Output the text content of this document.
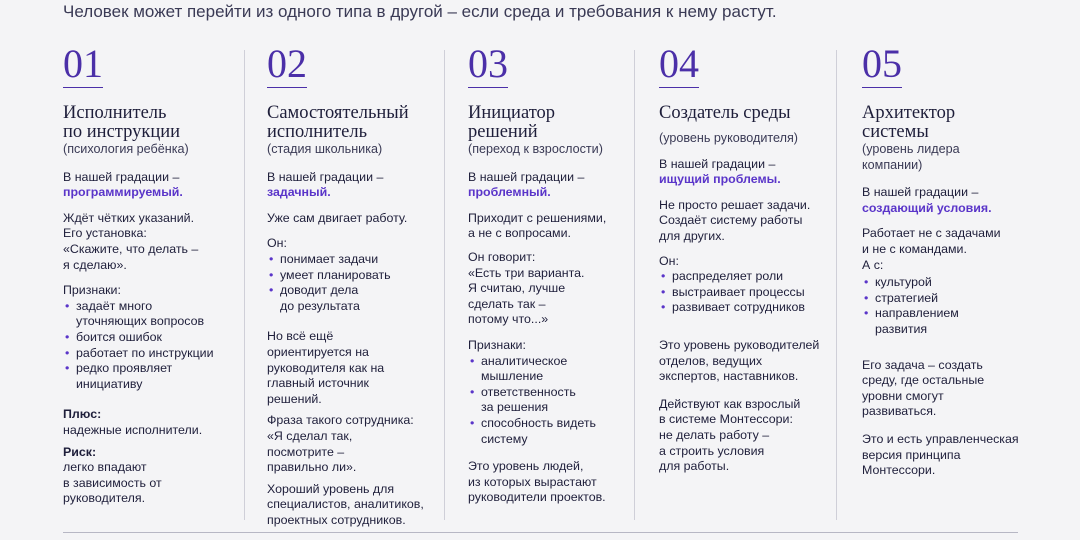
Человек может перейти из одного типа в другой – если среда и требования к нему растут.
01

Исполнитель
по инструкции

(психология ребёнка)

В нашей градации –
программируемый.

Ждёт чётких указаний.
Его установка:
«Скажите, что делать –
я сделаю».

Признаки:

• задаёт много
уточняющих вопросов
• боится ошибок
• работает по инструкции
• редко проявляет
инициативу

Плюс:

надежные исполнители.

Риск:

легко впадают
в зависимость от
руководителя.

02

Самостоятельный
исполнитель

(стадия школьника)

В нашей градации –
задачный.

Уже сам двигает работу.

Он:

• понимает задачи
• умеет планировать
• доводит дела
до результата

Но всё ещё
ориентируется на
руководителя как на
главный источник
решений.

Фраза такого сотрудника:
«Я сделал так,
посмотрите –
правильно ли».

Хороший уровень для
специалистов, аналитиков,
проектных сотрудников.

03

Инициатор
решений

(переход к взрослости)

В нашей градации –
проблемный.

Приходит с решениями,
а не с вопросами.

Он говорит:
«Есть три варианта.
Я считаю, лучше
сделать так –
потому что...»

Признаки:

• аналитическое
мышление
• ответственность
за решения
• способность видеть
систему

Это уровень людей,
из которых вырастают
руководители проектов.

04

Создатель среды

(уровень руководителя)

В нашей градации –
ищущий проблемы.

Не просто решает задачи.
Создаёт систему работы
для других.

Он:

• распределяет роли
• выстраивает процессы
• развивает сотрудников

Это уровень руководителей
отделов, ведущих
экспертов, наставников.

Действуют как взрослый
в системе Монтессори:
не делать работу –
а строить условия
для работы.

05

Архитектор
системы

(уровень лидера
компании)

В нашей градации –
создающий условия.

Работает не с задачами
и не с командами.
А с:

• культурой
• стратегией
• направлением
развития

Его задача – создать
среду, где остальные
уровни смогут
развиваться.

Это и есть управленческая
версия принципа
Монтессори.
